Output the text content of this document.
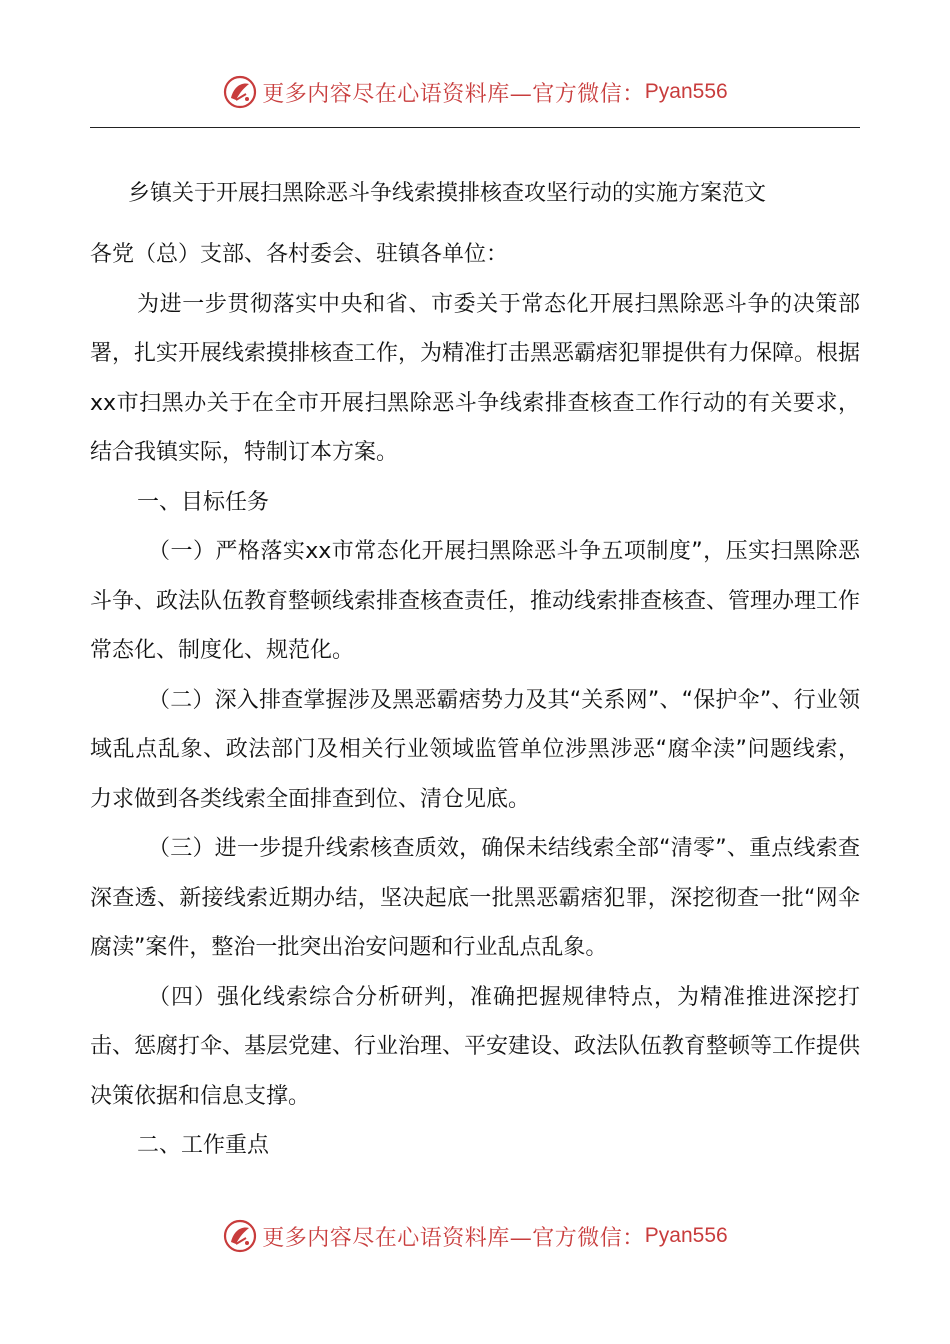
更多内容尽在心语资料库—官方微信： Pyan556
乡镇关于开展扫黑除恶斗争线索摸排核查攻坚行动的实施方案范文

各党（总）支部、各村委会、驻镇各单位：

为进一步贯彻落实中央和省、市委关于常态化开展扫黑除恶斗争的决策部署，扎实开展线索摸排核查工作，为精准打击黑恶霸痞犯罪提供有力保障。根据xx市扫黑办关于在全市开展扫黑除恶斗争线索排查核查工作行动的有关要求，结合我镇实际，特制订本方案。

一、目标任务

（一）严格落实xx市常态化开展扫黑除恶斗争五项制度”，压实扫黑除恶斗争、政法队伍教育整顿线索排查核查责任，推动线索排查核查、管理办理工作常态化、制度化、规范化。

（二）深入排查掌握涉及黑恶霸痞势力及其“关系网”、“保护伞”、行业领域乱点乱象、政法部门及相关行业领域监管单位涉黑涉恶“腐伞渎”问题线索，力求做到各类线索全面排查到位、清仓见底。

（三）进一步提升线索核查质效，确保未结线索全部“清零”、重点线索查深查透、新接线索近期办结，坚决起底一批黑恶霸痞犯罪，深挖彻查一批“网伞腐渎”案件，整治一批突出治安问题和行业乱点乱象。

（四）强化线索综合分析研判，准确把握规律特点，为精准推进深挖打击、惩腐打伞、基层党建、行业治理、平安建设、政法队伍教育整顿等工作提供决策依据和信息支撑。

二、工作重点

更多内容尽在心语资料库—官方微信： Pyan556
